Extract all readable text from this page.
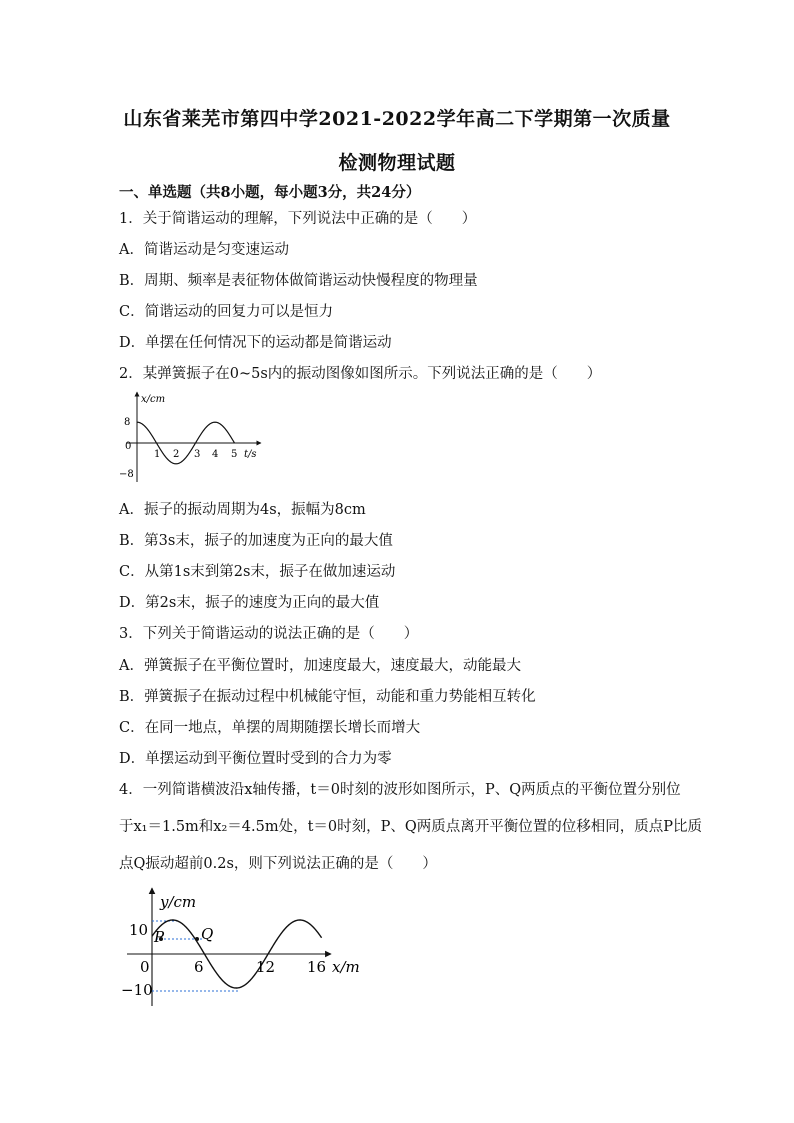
山东省莱芜市第四中学2021-2022学年高二下学期第一次质量
检测物理试题
一、单选题（共8小题，每小题3分，共24分）
1．关于简谐运动的理解，下列说法中正确的是（　　）
A．简谐运动是匀变速运动
B．周期、频率是表征物体做简谐运动快慢程度的物理量
C．简谐运动的回复力可以是恒力
D．单摆在任何情况下的运动都是简谐运动
2．某弹簧振子在0~5s内的振动图像如图所示。下列说法正确的是（　　）
x/cm
8
0
−8
1 2 3 4 5 t/s
A．振子的振动周期为4s，振幅为8cm
B．第3s末，振子的加速度为正向的最大值
C．从第1s末到第2s末，振子在做加速运动
D．第2s末，振子的速度为正向的最大值
3．下列关于简谐运动的说法正确的是（　　）
A．弹簧振子在平衡位置时，加速度最大，速度最大，动能最大
B．弹簧振子在振动过程中机械能守恒，动能和重力势能相互转化
C．在同一地点，单摆的周期随摆长增长而增大
D．单摆运动到平衡位置时受到的合力为零
4．一列简谐横波沿x轴传播，t＝0时刻的波形如图所示，P、Q两质点的平衡位置分别位
于x₁＝1.5m和x₂＝4.5m处，t＝0时刻，P、Q两质点离开平衡位置的位移相同，质点P比质
点Q振动超前0.2s，则下列说法正确的是（　　）
y/cm
10
0
−10
P Q
6	12 16 x/m
